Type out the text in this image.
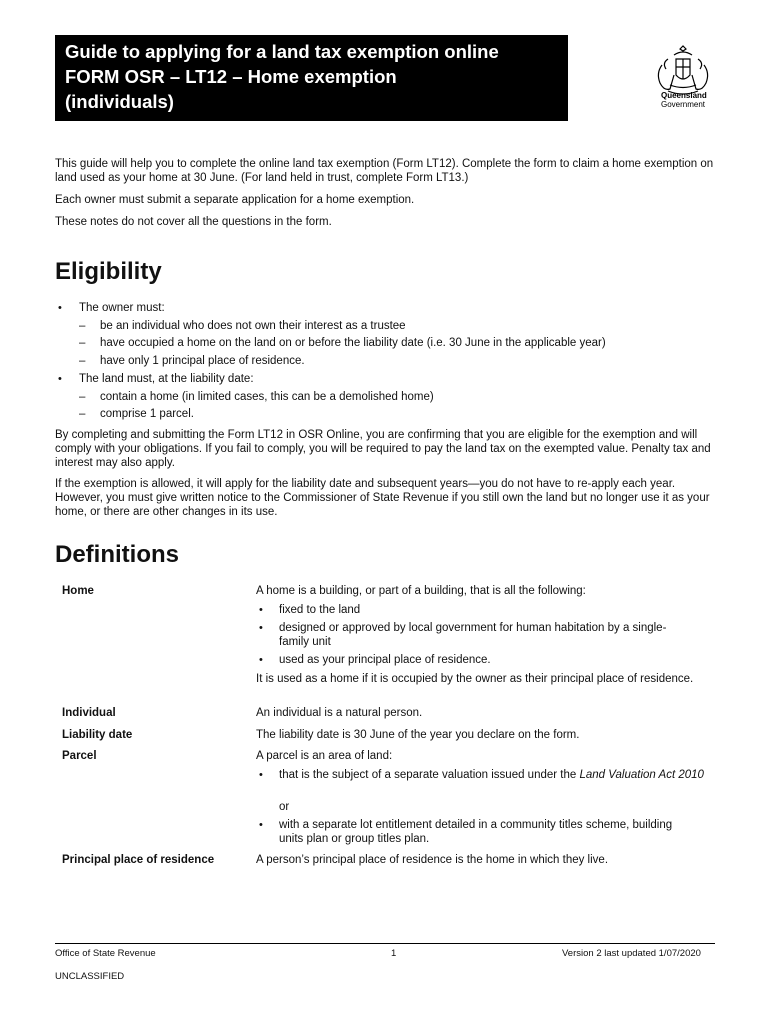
Guide to applying for a land tax exemption online

FORM OSR – LT12 – Home exemption

(individuals)	Queensland
Government

This guide will help you to complete the online land tax exemption (Form LT12). Complete the form to claim a home exemption on land used as your home at 30 June. (For land held in trust, complete Form LT13.)

Each owner must submit a separate application for a home exemption.

These notes do not cover all the questions in the form.

Eligibility
• The owner must:
– be an individual who does not own their interest as a trustee
– have occupied a home on the land on or before the liability date (i.e. 30 June in the applicable year)
– have only 1 principal place of residence.
• The land must, at the liability date:
– contain a home (in limited cases, this can be a demolished home)
– comprise 1 parcel.

By completing and submitting the Form LT12 in OSR Online, you are confirming that you are eligible for the exemption and will comply with your obligations. If you fail to comply, you will be required to pay the land tax on the exempted value. Penalty tax and interest may also apply.

If the exemption is allowed, it will apply for the liability date and subsequent years—you do not have to re-apply each year. However, you must give written notice to the Commissioner of State Revenue if you still own the land but no longer use it as your home, or there are other changes in its use.

Definitions
Home	A home is a building, or part of a building, that is all the following:

• fixed to the land

• designed or approved by local government for human habitation by a single-family unit

• used as your principal place of residence.

It is used as a home if it is occupied by the owner as their principal place of residence.

Individual	An individual is a natural person.

Liability date	The liability date is 30 June of the year you declare on the form.

Parcel	A parcel is an area of land:

• that is the subject of a separate valuation issued under the Land Valuation Act 2010

or

• with a separate lot entitlement detailed in a community titles scheme, building units plan or group titles plan.

Principal place of residence	A person’s principal place of residence is the home in which they live.

Office of State Revenue	1	Version 2 last updated 1/07/2020
UNCLASSIFIED
